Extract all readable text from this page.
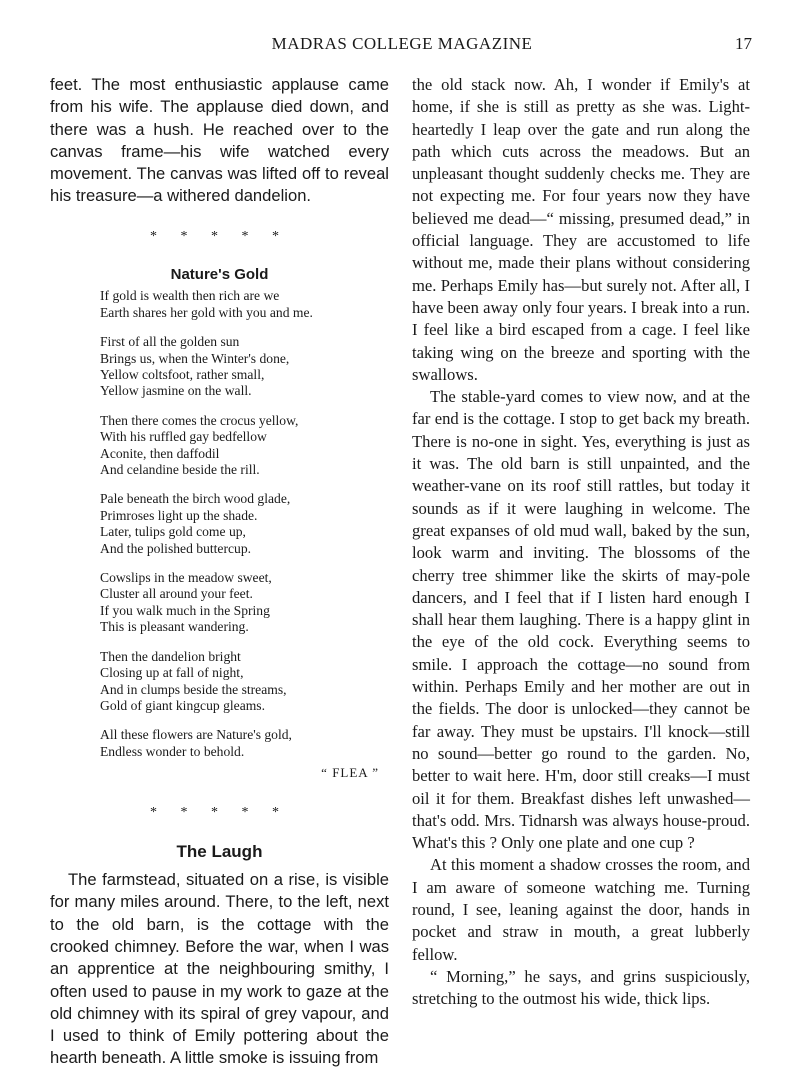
MADRAS COLLEGE MAGAZINE	17

feet. The most enthusiastic applause came from his wife. The applause died down, and there was a hush. He reached over to the canvas frame—his wife watched every movement. The canvas was lifted off to reveal his treasure—a withered dandelion.

* * * * *
Nature's Gold
If gold is wealth then rich are we
Earth shares her gold with you and me.
First of all the golden sun
Brings us, when the Winter's done,
Yellow coltsfoot, rather small,
Yellow jasmine on the wall.
Then there comes the crocus yellow,
With his ruffled gay bedfellow
Aconite, then daffodil
And celandine beside the rill.
Pale beneath the birch wood glade,
Primroses light up the shade.
Later, tulips gold come up,
And the polished buttercup.
Cowslips in the meadow sweet,
Cluster all around your feet.
If you walk much in the Spring
This is pleasant wandering.
Then the dandelion bright
Closing up at fall of night,
And in clumps beside the streams,
Gold of giant kingcup gleams.
All these flowers are Nature's gold,
Endless wonder to behold.
“ FLEA ”
* * * * *
The Laugh

The farmstead, situated on a rise, is visible for many miles around. There, to the left, next to the old barn, is the cottage with the crooked chimney. Before the war, when I was an apprentice at the neighbouring smithy, I often used to pause in my work to gaze at the old chimney with its spiral of grey vapour, and I used to think of Emily pottering about the hearth beneath. A little smoke is issuing from

the old stack now. Ah, I wonder if Emily's at home, if she is still as pretty as she was. Light-heartedly I leap over the gate and run along the path which cuts across the meadows. But an unpleasant thought suddenly checks me. They are not expecting me. For four years now they have believed me dead—“ missing, presumed dead,” in official language. They are accustomed to life without me, made their plans without considering me. Perhaps Emily has—but surely not. After all, I have been away only four years. I break into a run. I feel like a bird escaped from a cage. I feel like taking wing on the breeze and sporting with the swallows.

The stable-yard comes to view now, and at the far end is the cottage. I stop to get back my breath. There is no-one in sight. Yes, everything is just as it was. The old barn is still unpainted, and the weather-vane on its roof still rattles, but today it sounds as if it were laughing in welcome. The great expanses of old mud wall, baked by the sun, look warm and inviting. The blossoms of the cherry tree shimmer like the skirts of may-pole dancers, and I feel that if I listen hard enough I shall hear them laughing. There is a happy glint in the eye of the old cock. Everything seems to smile. I approach the cottage—no sound from within. Perhaps Emily and her mother are out in the fields. The door is unlocked—they cannot be far away. They must be upstairs. I'll knock—still no sound—better go round to the garden. No, better to wait here. H'm, door still creaks—I must oil it for them. Breakfast dishes left unwashed—that's odd. Mrs. Tidnarsh was always house-proud. What's this ? Only one plate and one cup ?

At this moment a shadow crosses the room, and I am aware of someone watching me. Turning round, I see, leaning against the door, hands in pocket and straw in mouth, a great lubberly fellow.

“ Morning,” he says, and grins suspiciously, stretching to the outmost his wide, thick lips.
